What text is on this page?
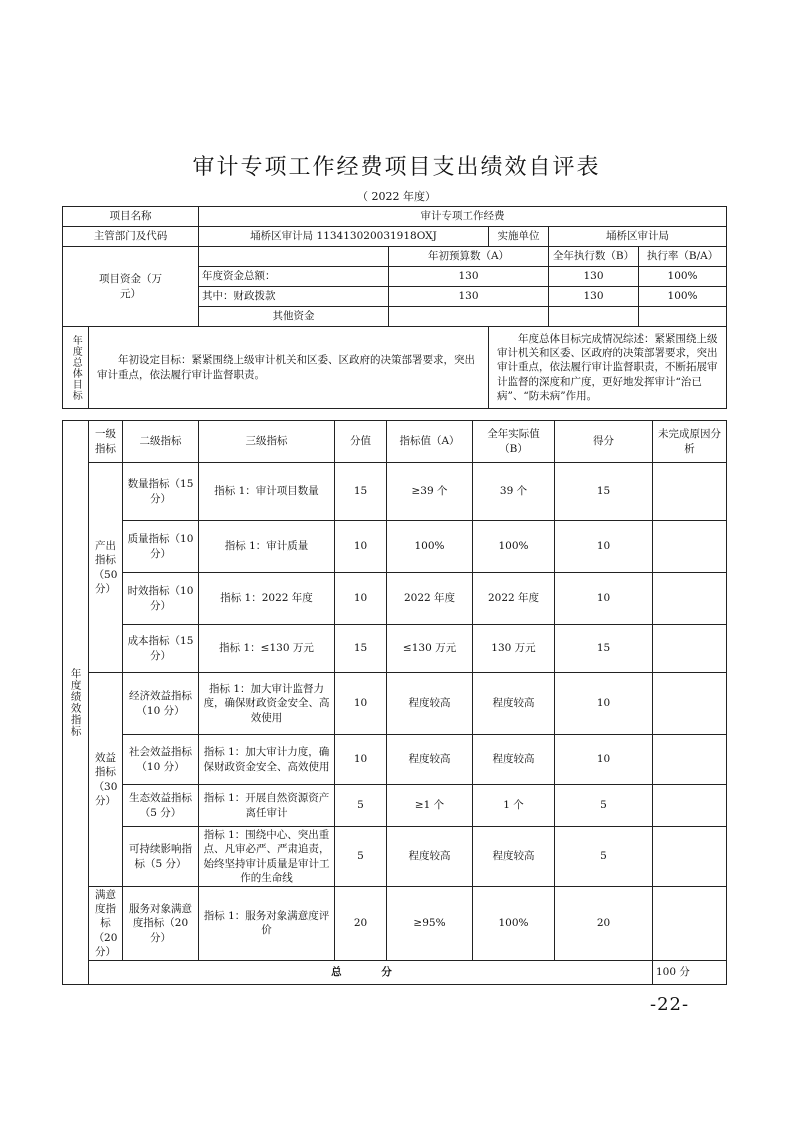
审计专项工作经费项目支出绩效自评表
（ 2022 年度）
项目名称		审计专项工作经费				
主管部门及代码		埇桥区审计局 113413020031918OXJ		实施单位	埇桥区审计局	
项目资金（万元）			年初预算数（A）		全年执行数（B）	执行率（B/A）
		年度资金总额：	130		130	100%
		其中：财政拨款	130		130	100%
		其他资金				
年度总体目标	年初设定目标：紧紧围绕上级审计机关和区委、区政府的决策部署要求，突出审计重点，依法履行审计监督职责。			年度总体目标完成情况综述：紧紧围绕上级审计机关和区委、区政府的决策部署要求，突出审计重点，依法履行审计监督职责，不断拓展审计监督的深度和广度，更好地发挥审计“治已病”、“防未病”作用。		
年度绩效指标	一级指标	二级指标	三级指标	分值	指标值（A）	全年实际值（B）	得分	未完成原因分析
	产出指标（50分）	数量指标（15 分）	指标 1：审计项目数量	15	≥39 个	39 个	15	
		质量指标（10 分）	指标 1：审计质量	10	100%	100%	10	
		时效指标（10 分）	指标 1：2022 年度	10	2022 年度	2022 年度	10	
		成本指标（15 分）	指标 1：≤130 万元	15	≤130 万元	130 万元	15	
	效益指标（30分）	经济效益指标（10 分）	指标 1：加大审计监督力度，确保财政资金安全、高效使用	10	程度较高	程度较高	10	
		社会效益指标（10 分）	指标 1：加大审计力度，确保财政资金安全、高效使用	10	程度较高	程度较高	10	
		生态效益指标（5 分）	指标 1：开展自然资源资产离任审计	5	≥1 个	1 个	5	
		可持续影响指标（5 分）	指标 1：围绕中心、突出重点、凡审必严、严肃追责，始终坚持审计质量是审计工作的生命线	5	程度较高	程度较高	5	
	满意度指标（20分）	服务对象满意度指标（20 分）	指标 1：服务对象满意度评价	20	≥95%	100%	20	
	总 分							100 分
-22-
